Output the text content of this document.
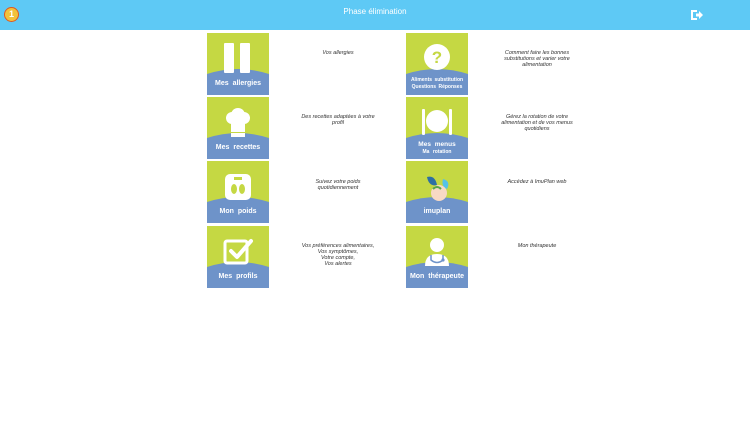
1	Phase élimination
Mes allergies
Vos allergies	?
Aliments substitution
Questions Réponses
Comment faire les bonnes
substitutions et varier votre
alimentation
Mes recettes
Des recettes adaptées à votre
profil
Mes menus
Ma rotation
Gérez la rotation de votre
alimentation et de vos menus
quotidiens
Mon poids
Suivez votre poids
quotidiennement
imuplan
Accédez à ImuPlan web
Mes profils
Vos préférences alimentaires,
Vos symptômes,
Votre compte,
Vos alertes
Mon thérapeute
Mon thérapeute
